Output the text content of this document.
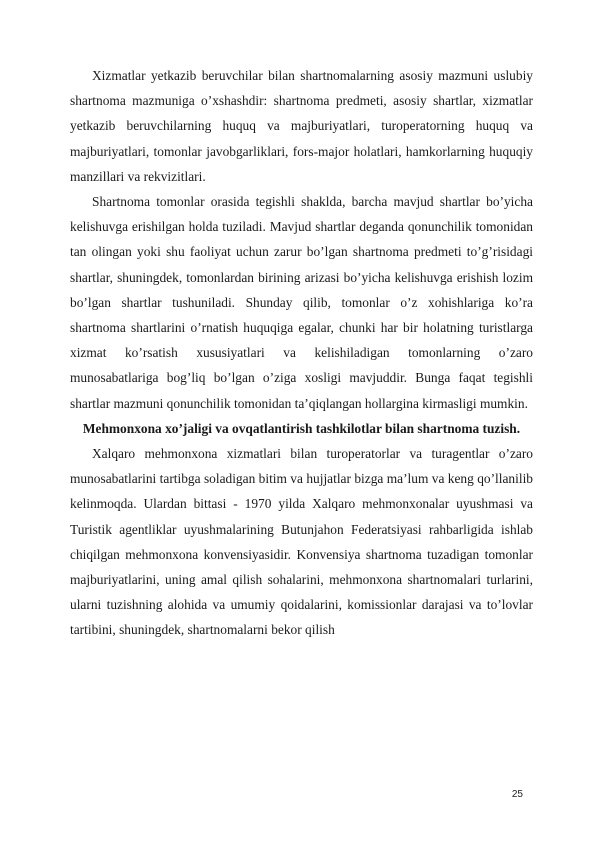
Xizmatlar yetkazib beruvchilar bilan shartnomalarning asosiy mazmuni uslubiy shartnoma mazmuniga o’xshashdir: shartnoma predmeti, asosiy shartlar, xizmatlar yetkazib beruvchilarning huquq va majburiyatlari, turoperatorning huquq va majburiyatlari, tomonlar javobgarliklari, fors-major holatlari, hamkorlarning huquqiy manzillari va rekvizitlari.

Shartnoma tomonlar orasida tegishli shaklda, barcha mavjud shartlar bo’yicha kelishuvga erishilgan holda tuziladi. Mavjud shartlar deganda qonunchilik tomonidan tan olingan yoki shu faoliyat uchun zarur bo’lgan shartnoma predmeti to’g’risidagi shartlar, shuningdek, tomonlardan birining arizasi bo’yicha kelishuvga erishish lozim bo’lgan shartlar tushuniladi. Shunday qilib, tomonlar o’z xohishlariga ko’ra shartnoma shartlarini o’rnatish huquqiga egalar, chunki har bir holatning turistlarga xizmat ko’rsatish xususiyatlari va kelishiladigan tomonlarning o’zaro munosabatlariga bog’liq bo’lgan o’ziga xosligi mavjuddir. Bunga faqat tegishli shartlar mazmuni qonunchilik tomonidan ta’qiqlangan hollargina kirmasligi mumkin.

Mehmonxona xo’jaligi va ovqatlantirish tashkilotlar bilan shartnoma tuzish.

Xalqaro mehmonxona xizmatlari bilan turoperatorlar va turagentlar o’zaro munosabatlarini tartibga soladigan bitim va hujjatlar bizga ma’lum va keng qo’llanilib kelinmoqda. Ulardan bittasi - 1970 yilda Xalqaro mehmonxonalar uyushmasi va Turistik agentliklar uyushmalarining Butunjahon Federatsiyasi rahbarligida ishlab chiqilgan mehmonxona konvensiyasidir. Konvensiya shartnoma tuzadigan tomonlar majburiyatlarini, uning amal qilish sohalarini, mehmonxona shartnomalari turlarini, ularni tuzishning alohida va umumiy qoidalarini, komissionlar darajasi va to’lovlar tartibini, shuningdek, shartnomalarni bekor qilish

25
